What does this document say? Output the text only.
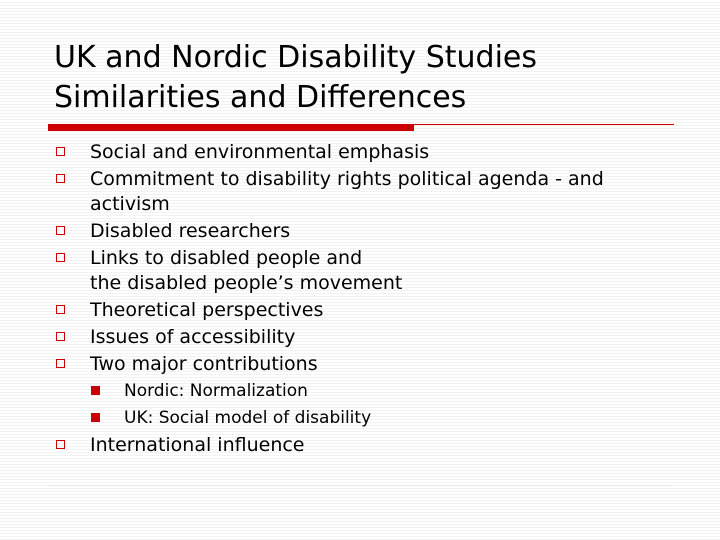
UK and Nordic Disability Studies
Similarities and Differences
Social and environmental emphasis
Commitment to disability rights political agenda - and activism
Disabled researchers
Links to disabled people and
the disabled people’s movement
Theoretical perspectives
Issues of accessibility
Two major contributions
Nordic: Normalization
UK: Social model of disability
International influence
